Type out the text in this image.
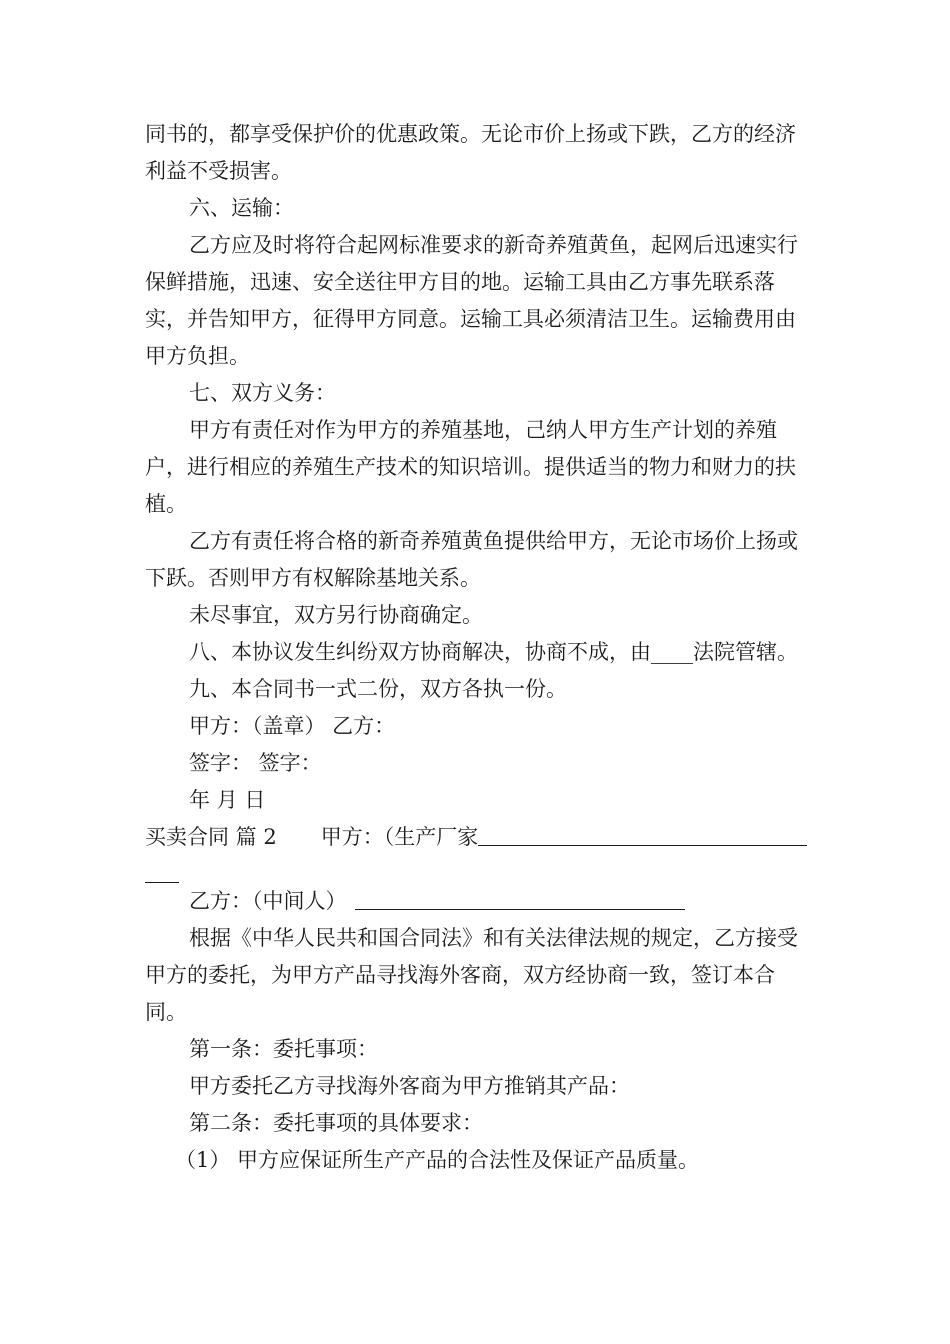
同书的，都享受保护价的优惠政策。无论市价上扬或下跌，乙方的经济利益不受损害。

六、运输：

乙方应及时将符合起网标准要求的新奇养殖黄鱼，起网后迅速实行保鲜措施，迅速、安全送往甲方目的地。运输工具由乙方事先联系落实，并告知甲方，征得甲方同意。运输工具必须清洁卫生。运输费用由甲方负担。

七、双方义务：

甲方有责任对作为甲方的养殖基地，己纳人甲方生产计划的养殖户，进行相应的养殖生产技术的知识培训。提供适当的物力和财力的扶植。

乙方有责任将合格的新奇养殖黄鱼提供给甲方，无论市场价上扬或下跃。否则甲方有权解除基地关系。

未尽事宜，双方另行协商确定。

八、本协议发生纠纷双方协商解决，协商不成，由____法院管辖。

九、本合同书一式二份，双方各执一份。

甲方：（盖章） 乙方：

签字： 签字：

年 月 日

买卖合同 篇 2 甲方：（生产厂家
乙方：（中间人）

根据《中华人民共和国合同法》和有关法律法规的规定，乙方接受甲方的委托，为甲方产品寻找海外客商，双方经协商一致，签订本合同。

第一条：委托事项：

甲方委托乙方寻找海外客商为甲方推销其产品：

第二条：委托事项的具体要求：

（1） 甲方应保证所生产产品的合法性及保证产品质量。
